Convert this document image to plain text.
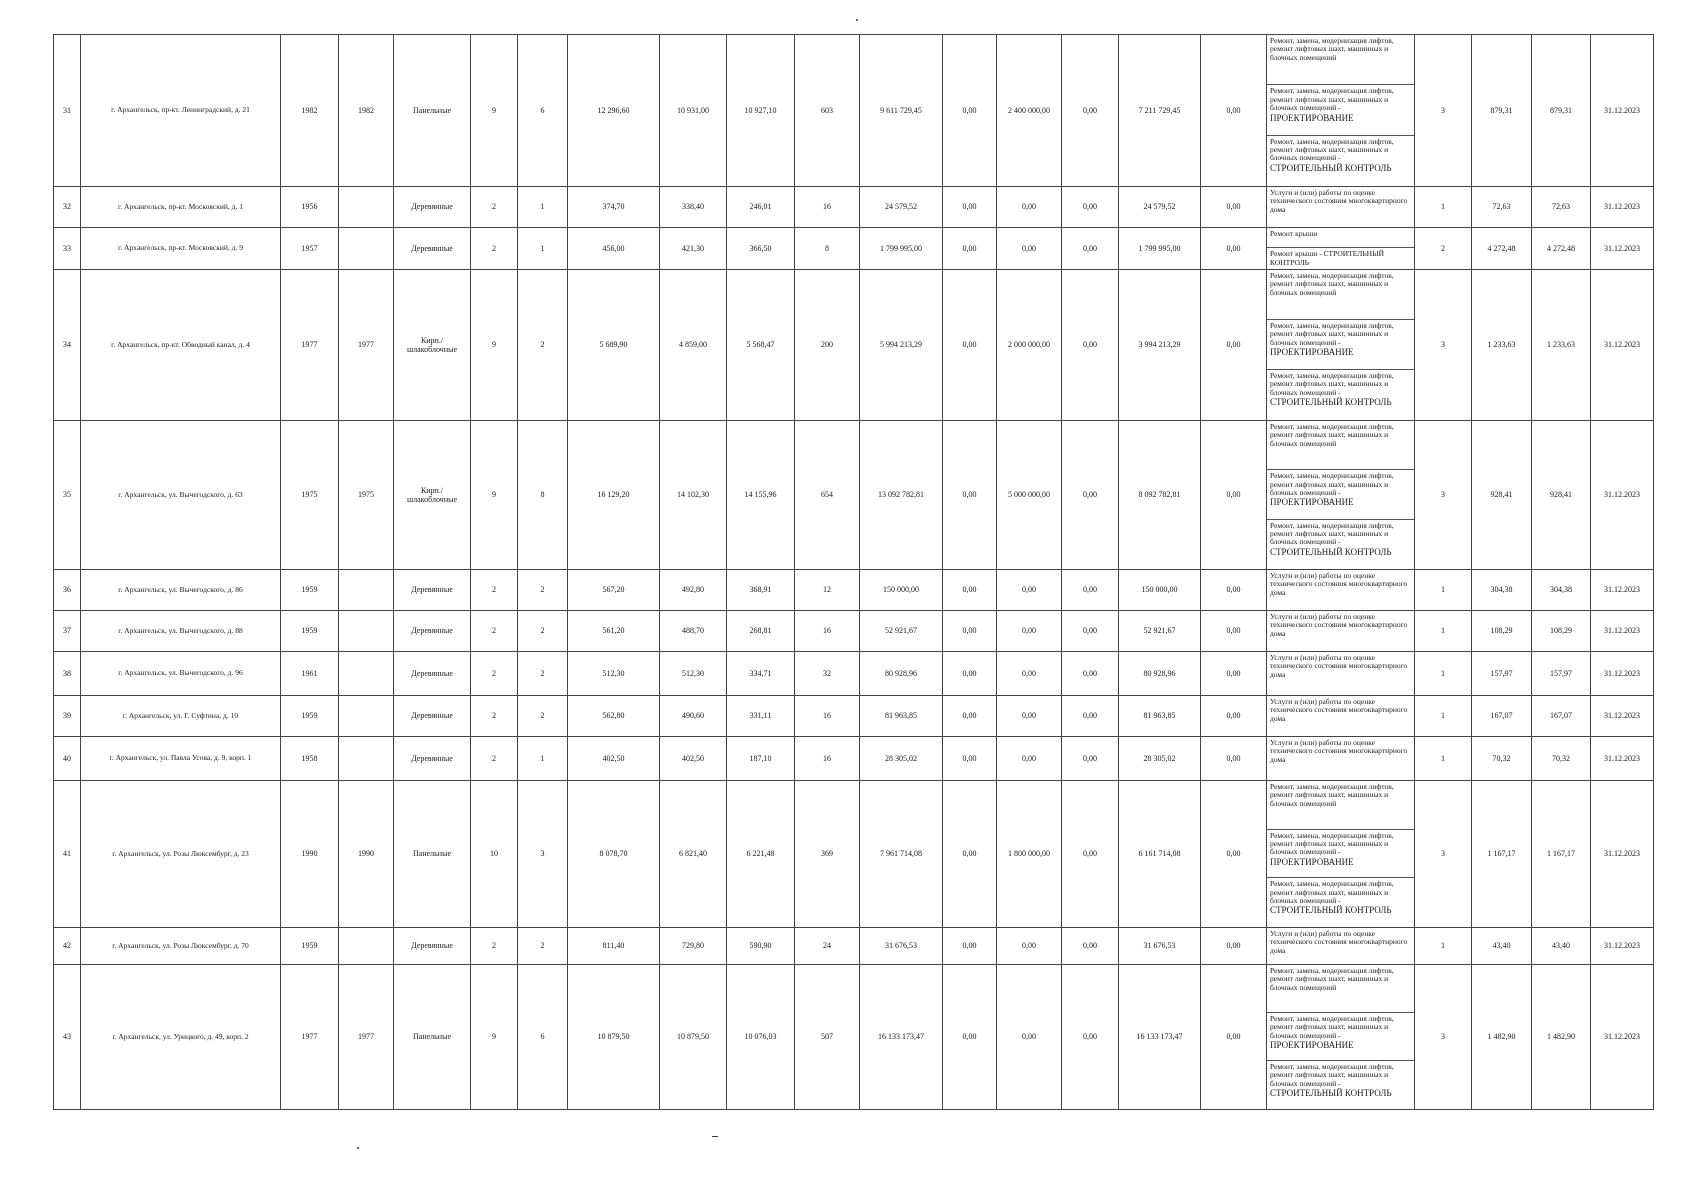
31	г. Архангельск, пр-кт. Ленинградский, д. 21	1982	1982	Панельные	9	6	12 296,60	10 931,00	10 927,10	603	9 611 729,45	0,00	2 400 000,00	0,00	7 211 729,45	0,00	Ремонт, замена, модернизация лифтов, ремонт лифтовых шахт, машинных и блочных помещений
Ремонт, замена, модернизация лифтов, ремонт лифтовых шахт, машинных и блочных помещений -
ПРОЕКТИРОВАНИЕ
Ремонт, замена, модернизация лифтов, ремонт лифтовых шахт, машинных и блочных помещений -
СТРОИТЕЛЬНЫЙ КОНТРОЛЬ	3	879,31	879,31	31.12.2023
32	г. Архангельск, пр-кт. Московский, д. 1	1956		Деревянные	2	1	374,70	338,40	246,01	16	24 579,52	0,00	0,00	0,00	24 579,52	0,00	Услуги и (или) работы по оценке технического состояния многоквартирного дома	1	72,63	72,63	31.12.2023
33	г. Архангельск, пр-кт. Московский, д. 9	1957		Деревянные	2	1	456,00	421,30	366,50	8	1 799 995,00	0,00	0,00	0,00	1 799 995,00	0,00	Ремонт крыши
Ремонт крыши - СТРОИТЕЛЬНЫЙ КОНТРОЛЬ	2	4 272,48	4 272,48	31.12.2023
34	г. Архангельск, пр-кт. Обводный канал, д. 4	1977	1977	Кирп./ шлакоблочные	9	2	5 689,90	4 859,00	5 568,47	200	5 994 213,29	0,00	2 000 000,00	0,00	3 994 213,29	0,00	Ремонт, замена, модернизация лифтов, ремонт лифтовых шахт, машинных и блочных помещений
Ремонт, замена, модернизация лифтов, ремонт лифтовых шахт, машинных и блочных помещений -
ПРОЕКТИРОВАНИЕ
Ремонт, замена, модернизация лифтов, ремонт лифтовых шахт, машинных и блочных помещений -
СТРОИТЕЛЬНЫЙ КОНТРОЛЬ	3	1 233,63	1 233,63	31.12.2023
35	г. Архангельск, ул. Вычегодского, д. 63	1975	1975	Кирп./ шлакоблочные	9	8	16 129,20	14 102,30	14 155,96	654	13 092 782,81	0,00	5 000 000,00	0,00	8 092 782,81	0,00	Ремонт, замена, модернизация лифтов, ремонт лифтовых шахт, машинных и блочных помещений
Ремонт, замена, модернизация лифтов, ремонт лифтовых шахт, машинных и блочных помещений -
ПРОЕКТИРОВАНИЕ
Ремонт, замена, модернизация лифтов, ремонт лифтовых шахт, машинных и блочных помещений -
СТРОИТЕЛЬНЫЙ КОНТРОЛЬ	3	928,41	928,41	31.12.2023
36	г. Архангельск, ул. Вычегодского, д. 86	1959		Деревянные	2	2	567,20	492,80	368,91	12	150 000,00	0,00	0,00	0,00	150 000,00	0,00	Услуги и (или) работы по оценке технического состояния многоквартирного дома	1	304,38	304,38	31.12.2023
37	г. Архангельск, ул. Вычегодского, д. 88	1959		Деревянные	2	2	561,20	488,70	268,81	16	52 921,67	0,00	0,00	0,00	52 921,67	0,00	Услуги и (или) работы по оценке технического состояния многоквартирного дома	1	108,29	108,29	31.12.2023
38	г. Архангельск, ул. Вычегодского, д. 96	1961		Деревянные	2	2	512,30	512,30	334,71	32	80 928,96	0,00	0,00	0,00	80 928,96	0,00	Услуги и (или) работы по оценке технического состояния многоквартирного дома	1	157,97	157,97	31.12.2023
39	г. Архангельск, ул. Г. Суфтина, д. 10	1959		Деревянные	2	2	562,80	490,60	331,11	16	81 963,85	0,00	0,00	0,00	81 963,85	0,00	Услуги и (или) работы по оценке технического состояния многоквартирного дома	1	167,07	167,07	31.12.2023
40	г. Архангельск, ул. Павла Усова, д. 9, корп. 1	1958		Деревянные	2	1	402,50	402,50	187,10	16	28 305,02	0,00	0,00	0,00	28 305,02	0,00	Услуги и (или) работы по оценке технического состояния многоквартирного дома	1	70,32	70,32	31.12.2023
41	г. Архангельск, ул. Розы Люксембург, д. 23	1990	1990	Панельные	10	3	8 078,70	6 821,40	6 221,48	369	7 961 714,08	0,00	1 800 000,00	0,00	6 161 714,08	0,00	Ремонт, замена, модернизация лифтов, ремонт лифтовых шахт, машинных и блочных помещений
Ремонт, замена, модернизация лифтов, ремонт лифтовых шахт, машинных и блочных помещений -
ПРОЕКТИРОВАНИЕ
Ремонт, замена, модернизация лифтов, ремонт лифтовых шахт, машинных и блочных помещений -
СТРОИТЕЛЬНЫЙ КОНТРОЛЬ	3	1 167,17	1 167,17	31.12.2023
42	г. Архангельск, ул. Розы Люксембург, д. 70	1959		Деревянные	2	2	811,40	729,80	590,90	24	31 676,53	0,00	0,00	0,00	31 676,53	0,00	Услуги и (или) работы по оценке технического состояния многоквартирного дома	1	43,40	43,40	31.12.2023
43	г. Архангельск, ул. Урицкого, д. 49, корп. 2	1977	1977	Панельные	9	6	10 879,50	10 879,50	10 076,03	507	16 133 173,47	0,00	0,00	0,00	16 133 173,47	0,00	Ремонт, замена, модернизация лифтов, ремонт лифтовых шахт, машинных и блочных помещений
Ремонт, замена, модернизация лифтов, ремонт лифтовых шахт, машинных и блочных помещений -
ПРОЕКТИРОВАНИЕ
Ремонт, замена, модернизация лифтов, ремонт лифтовых шахт, машинных и блочных помещений -
СТРОИТЕЛЬНЫЙ КОНТРОЛЬ	3	1 482,90	1 482,90	31.12.2023
